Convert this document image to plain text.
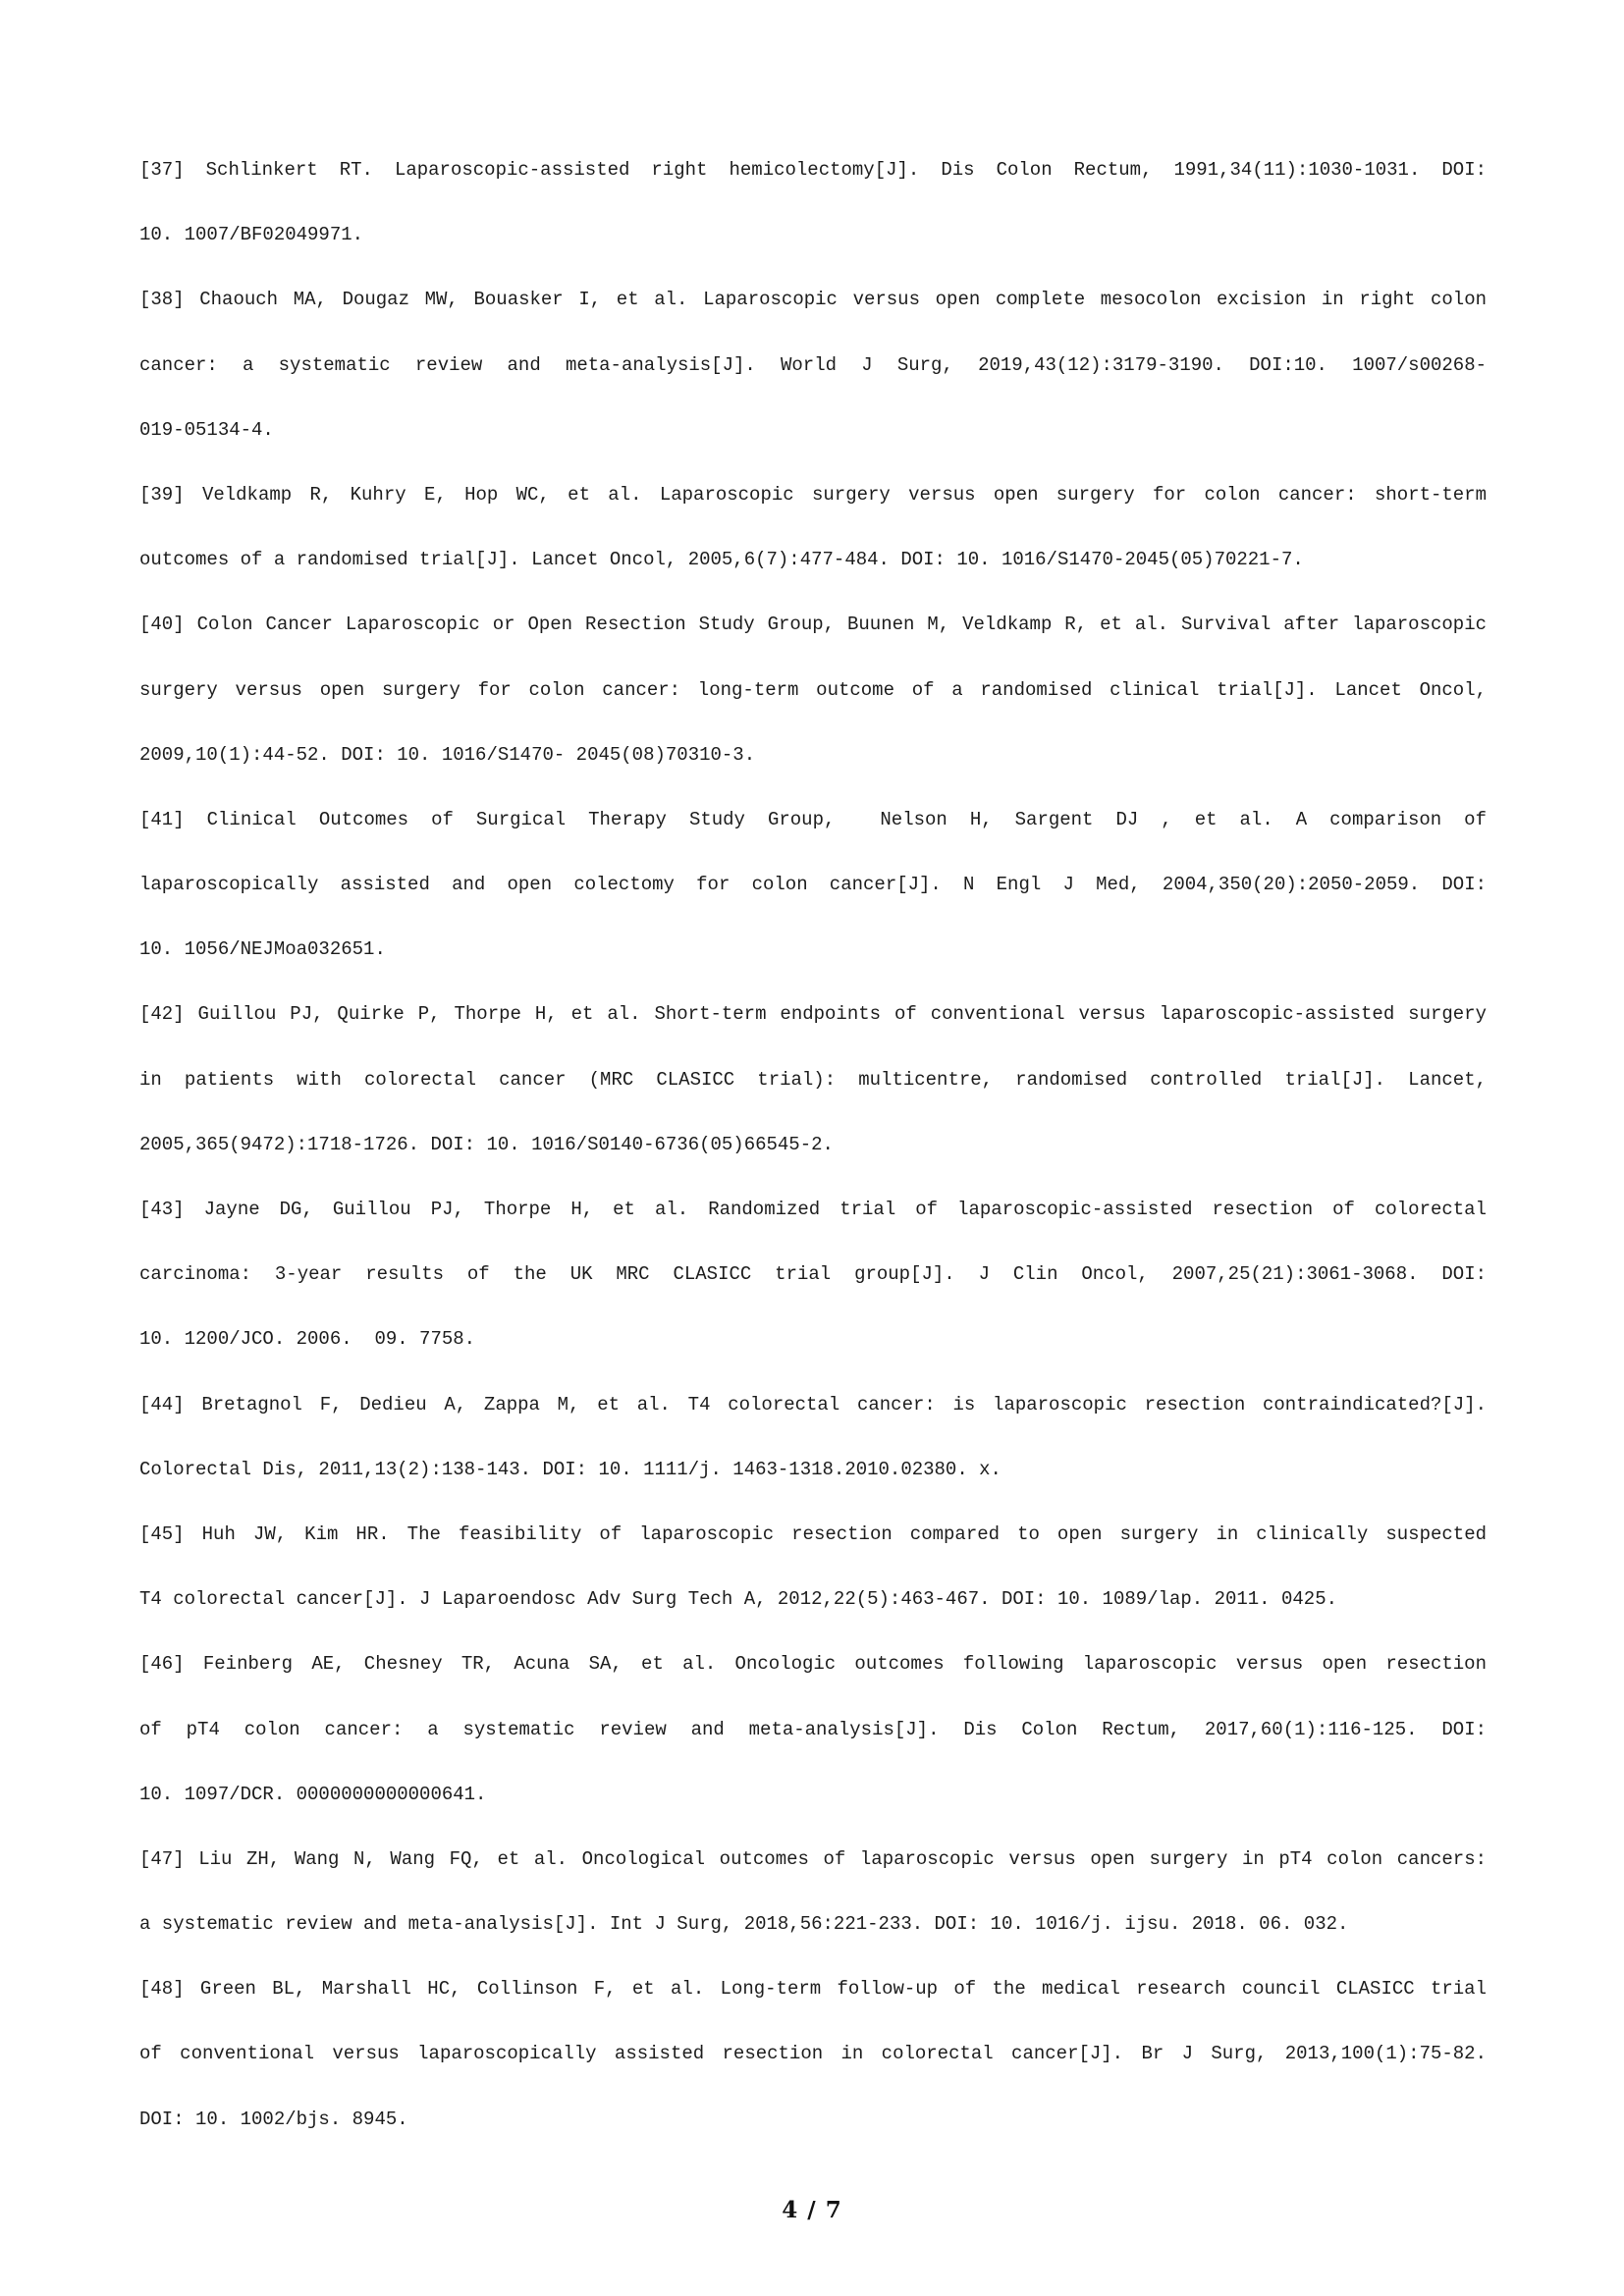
[37] Schlinkert RT. Laparoscopic-assisted right hemicolectomy[J]. Dis Colon Rectum, 1991,34(11):1030-1031. DOI:
10. 1007/BF02049971.
[38] Chaouch MA, Dougaz MW, Bouasker I, et al. Laparoscopic versus open complete mesocolon excision in right colon
cancer: a systematic review and meta-analysis[J]. World J Surg, 2019,43(12):3179-3190. DOI:10. 1007/s00268-
019-05134-4.
[39] Veldkamp R, Kuhry E, Hop WC, et al. Laparoscopic surgery versus open surgery for colon cancer: short-term
outcomes of a randomised trial[J]. Lancet Oncol, 2005,6(7):477-484. DOI: 10. 1016/S1470-2045(05)70221-7.
[40] Colon Cancer Laparoscopic or Open Resection Study Group, Buunen M, Veldkamp R, et al. Survival after laparoscopic
surgery versus open surgery for colon cancer: long-term outcome of a randomised clinical trial[J]. Lancet Oncol,
2009,10(1):44-52. DOI: 10. 1016/S1470- 2045(08)70310-3.
[41] Clinical Outcomes of Surgical Therapy Study Group,  Nelson H, Sargent DJ , et al. A comparison of
laparoscopically assisted and open colectomy for colon cancer[J]. N Engl J Med, 2004,350(20):2050-2059. DOI:
10. 1056/NEJMoa032651.
[42] Guillou PJ, Quirke P, Thorpe H, et al. Short-term endpoints of conventional versus laparoscopic-assisted surgery
in patients with colorectal cancer (MRC CLASICC trial): multicentre, randomised controlled trial[J]. Lancet,
2005,365(9472):1718-1726. DOI: 10. 1016/S0140-6736(05)66545-2.
[43] Jayne DG, Guillou PJ, Thorpe H, et al. Randomized trial of laparoscopic-assisted resection of colorectal
carcinoma: 3-year results of the UK MRC CLASICC trial group[J]. J Clin Oncol, 2007,25(21):3061-3068. DOI:
10. 1200/JCO. 2006.  09. 7758.
[44] Bretagnol F, Dedieu A, Zappa M, et al. T4 colorectal cancer: is laparoscopic resection contraindicated?[J].
Colorectal Dis, 2011,13(2):138-143. DOI: 10. 1111/j. 1463-1318.2010.02380. x.
[45] Huh JW, Kim HR. The feasibility of laparoscopic resection compared to open surgery in clinically suspected
T4 colorectal cancer[J]. J Laparoendosc Adv Surg Tech A, 2012,22(5):463-467. DOI: 10. 1089/lap. 2011. 0425.
[46] Feinberg AE, Chesney TR, Acuna SA, et al. Oncologic outcomes following laparoscopic versus open resection
of pT4 colon cancer: a systematic review and meta-analysis[J]. Dis Colon Rectum, 2017,60(1):116-125. DOI:
10. 1097/DCR. 0000000000000641.
[47] Liu ZH, Wang N, Wang FQ, et al. Oncological outcomes of laparoscopic versus open surgery in pT4 colon cancers:
a systematic review and meta-analysis[J]. Int J Surg, 2018,56:221-233. DOI: 10. 1016/j. ijsu. 2018. 06. 032.
[48] Green BL, Marshall HC, Collinson F, et al. Long-term follow-up of the medical research council CLASICC trial
of conventional versus laparoscopically assisted resection in colorectal cancer[J]. Br J Surg, 2013,100(1):75-82.
DOI: 10. 1002/bjs. 8945.
4 / 7
